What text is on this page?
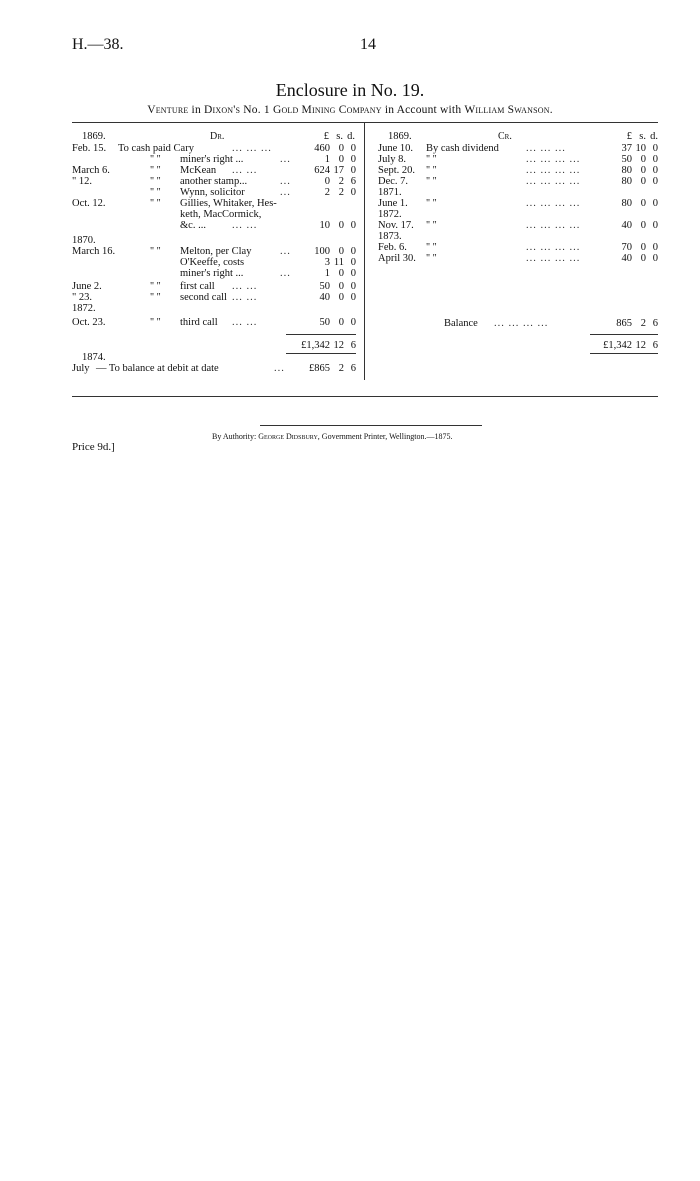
H.—38.	14
Enclosure in No. 19.
Venture in Dixon's No. 1 Gold Mining Company in Account with William Swanson.
1869.	Dr.	£ s. d.
Feb. 15. To cash paid Cary	... ... ...	460 0 0
" " miner's right ...	...	1 0 0
March 6.	" " McKean ... ...	624 17 0
" 12.	" " another stamp...	...	0 2 6
" " Wynn, solicitor	...	2 2 0
Oct. 12.	" " Gillies, Whitaker, Hes-
keth, MacCormick,
&c. ... ... ...	10 0 0
1870.
March 16.	" " Melton, per Clay	...	100 0 0
O'Keeffe, costs	3 11 0
miner's right ...	...	1 0 0
June 2.	" " first call ... ...	50 0 0
" 23.	" " second call ... ...	40 0 0
1872.
Oct. 23.	" " third call ... ...	50 0 0
£1,342 12 6
1874.
July — To balance at debit at date	...	£865 2 6
1869.	Cr.	£ s. d.
June 10. By cash dividend	... ... ...	37 10 0
July 8. " "	... ... ... ...	50 0 0
Sept. 20. " "	... ... ... ...	80 0 0
Dec. 7. " "	... ... ... ...	80 0 0
1871.
June 1. " "	... ... ... ...	80 0 0
1872.
Nov. 17. " "	... ... ... ...	40 0 0
1873.
Feb. 6. " "	... ... ... ...	70 0 0
April 30. " "	... ... ... ...	40 0 0
Balance ... ... ... ...	865 2 6
£1,342 12 6
By Authority: George Didsbury, Government Printer, Wellington.—1875.
Price 9d.]
